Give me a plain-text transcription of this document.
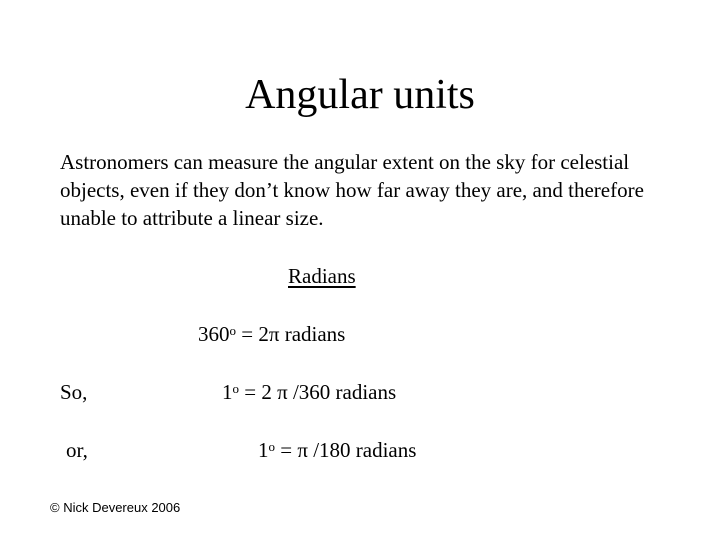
Angular units
Astronomers can measure the angular extent on the sky for celestial objects, even if they don’t know how far away they are, and therefore unable to attribute a linear size.
Radians
$360^o = 2\pi$ radians
So,	$1^o = 2$ π /360 radians
or,	$1^o = \pi$ /180 radians
© Nick Devereux 2006
